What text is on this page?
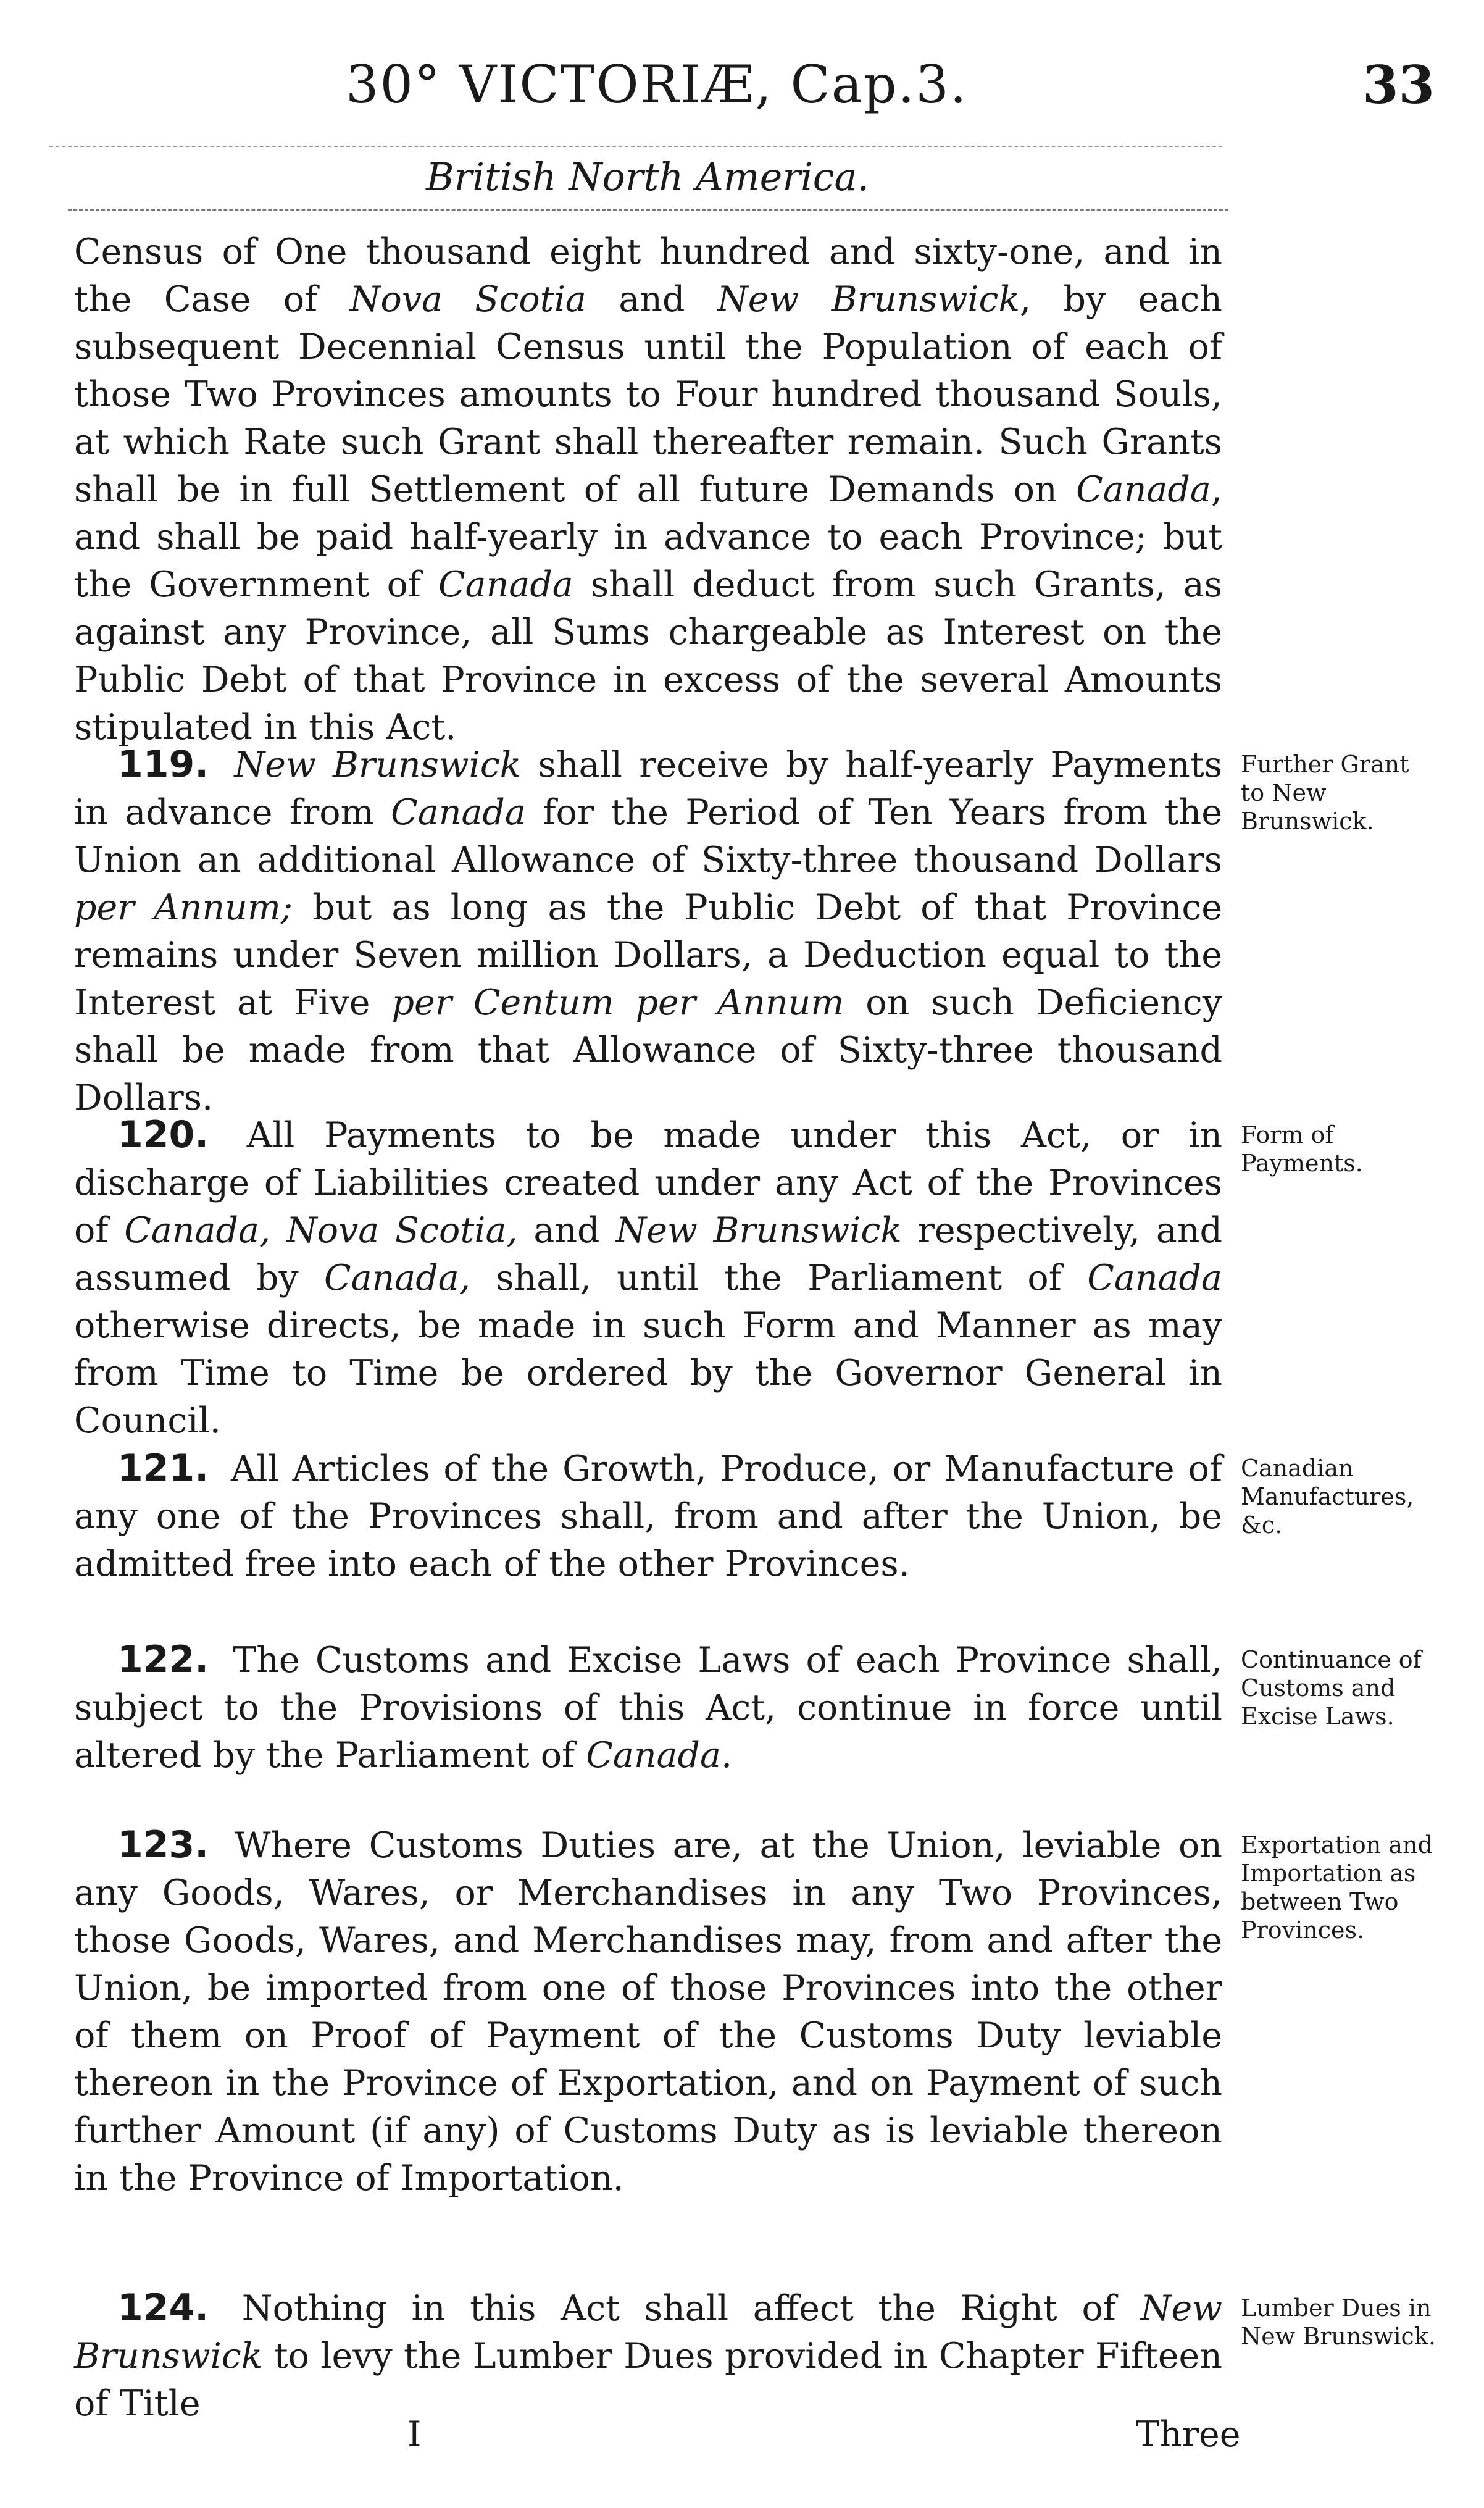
30° VICTORIÆ, Cap.3.	33
British North America.
Census of One thousand eight hundred and sixty-one, and in the Case of Nova Scotia and New Brunswick, by each subsequent Decennial Census until the Population of each of those Two Provinces amounts to Four hundred thousand Souls, at which Rate such Grant shall thereafter remain. Such Grants shall be in full Settlement of all future Demands on Canada, and shall be paid half-yearly in advance to each Province; but the Government of Canada shall deduct from such Grants, as against any Province, all Sums chargeable as Interest on the Public Debt of that Province in excess of the several Amounts stipulated in this Act.
119. New Brunswick shall receive by half-yearly Payments in advance from Canada for the Period of Ten Years from the Union an additional Allowance of Sixty-three thousand Dollars per Annum; but as long as the Public Debt of that Province remains under Seven million Dollars, a Deduction equal to the Interest at Five per Centum per Annum on such Deficiency shall be made from that Allowance of Sixty-three thousand Dollars.
Further Grant to New Brunswick.
120. All Payments to be made under this Act, or in discharge of Liabilities created under any Act of the Provinces of Canada, Nova Scotia, and New Brunswick respectively, and assumed by Canada, shall, until the Parliament of Canada otherwise directs, be made in such Form and Manner as may from Time to Time be ordered by the Governor General in Council.
Form of Payments.
121. All Articles of the Growth, Produce, or Manufacture of any one of the Provinces shall, from and after the Union, be admitted free into each of the other Provinces.
Canadian Manufactures, &c.
122. The Customs and Excise Laws of each Province shall, subject to the Provisions of this Act, continue in force until altered by the Parliament of Canada.
Continuance of Customs and Excise Laws.
123. Where Customs Duties are, at the Union, leviable on any Goods, Wares, or Merchandises in any Two Provinces, those Goods, Wares, and Merchandises may, from and after the Union, be imported from one of those Provinces into the other of them on Proof of Payment of the Customs Duty leviable thereon in the Province of Exportation, and on Payment of such further Amount (if any) of Customs Duty as is leviable thereon in the Province of Importation.
Exportation and Importation as between Two Provinces.
124. Nothing in this Act shall affect the Right of New Brunswick to levy the Lumber Dues provided in Chapter Fifteen of Title
Lumber Dues in New Brunswick.
I	Three
